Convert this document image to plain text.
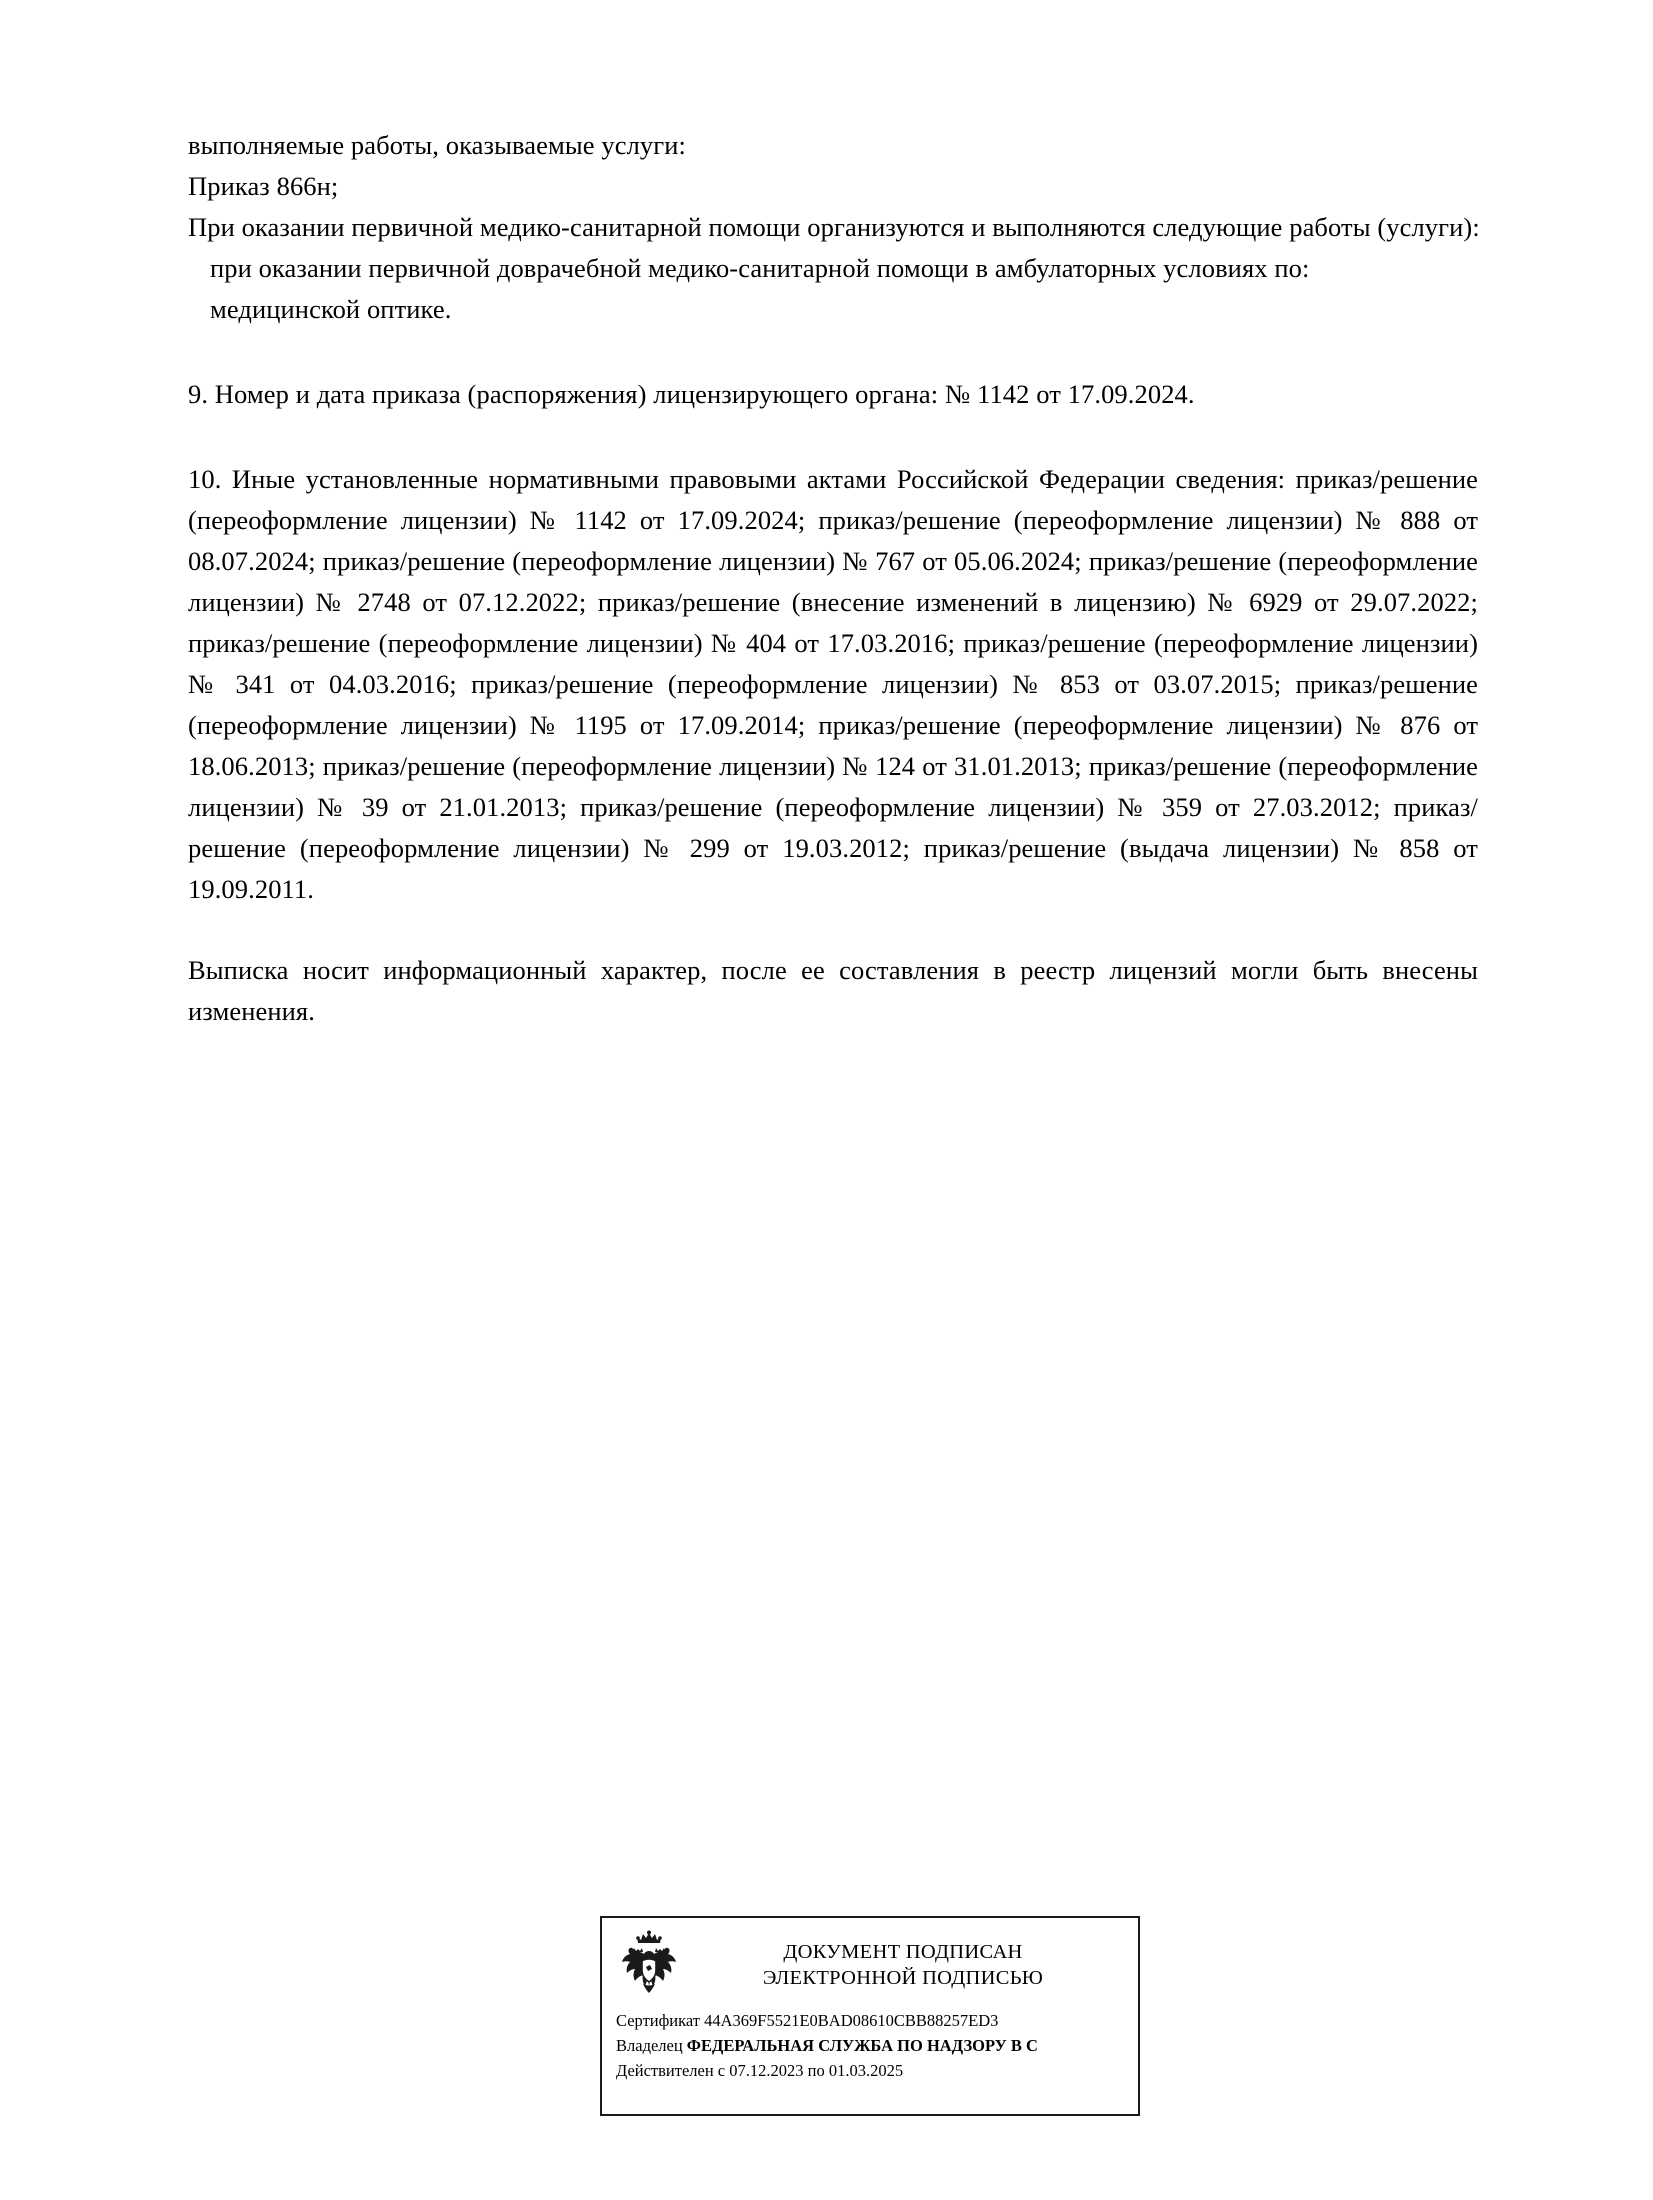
выполняемые работы, оказываемые услуги:

Приказ 866н;

При оказании первичной медико-санитарной помощи организуются и выполняются следующие работы (услуги):

при оказании первичной доврачебной медико-санитарной помощи в амбулаторных условиях по:

медицинской оптике.

9. Номер и дата приказа (распоряжения) лицензирующего органа: № 1142 от 17.09.2024.

10. Иные установленные нормативными правовыми актами Российской Федерации сведения: приказ/решение (переоформление лицензии) № 1142 от 17.09.2024; приказ/решение (переоформление лицензии) № 888 от 08.07.2024; приказ/решение (переоформление лицензии) № 767 от 05.06.2024; приказ/решение (переоформление лицензии) № 2748 от 07.12.2022; приказ/решение (внесение изменений в лицензию) № 6929 от 29.07.2022; приказ/решение (переоформление лицензии) № 404 от 17.03.2016; приказ/решение (переоформление лицензии) № 341 от 04.03.2016; приказ/решение (переоформление лицензии) № 853 от 03.07.2015; приказ/решение (переоформление лицензии) № 1195 от 17.09.2014; приказ/решение (переоформление лицензии) № 876 от 18.06.2013; приказ/решение (переоформление лицензии) № 124 от 31.01.2013; приказ/решение (переоформление лицензии) № 39 от 21.01.2013; приказ/решение (переоформление лицензии) № 359 от 27.03.2012; приказ/решение (переоформление лицензии) № 299 от 19.03.2012; приказ/решение (выдача лицензии) № 858 от 19.09.2011.

Выписка носит информационный характер, после ее составления в реестр лицензий могли быть внесены изменения.

ДОКУМЕНТ ПОДПИСАН
ЭЛЕКТРОННОЙ ПОДПИСЬЮ
Сертификат 44A369F5521E0BAD08610CBB88257ED3
Владелец ФЕДЕРАЛЬНАЯ СЛУЖБА ПО НАДЗОРУ В С
Действителен с 07.12.2023 по 01.03.2025
